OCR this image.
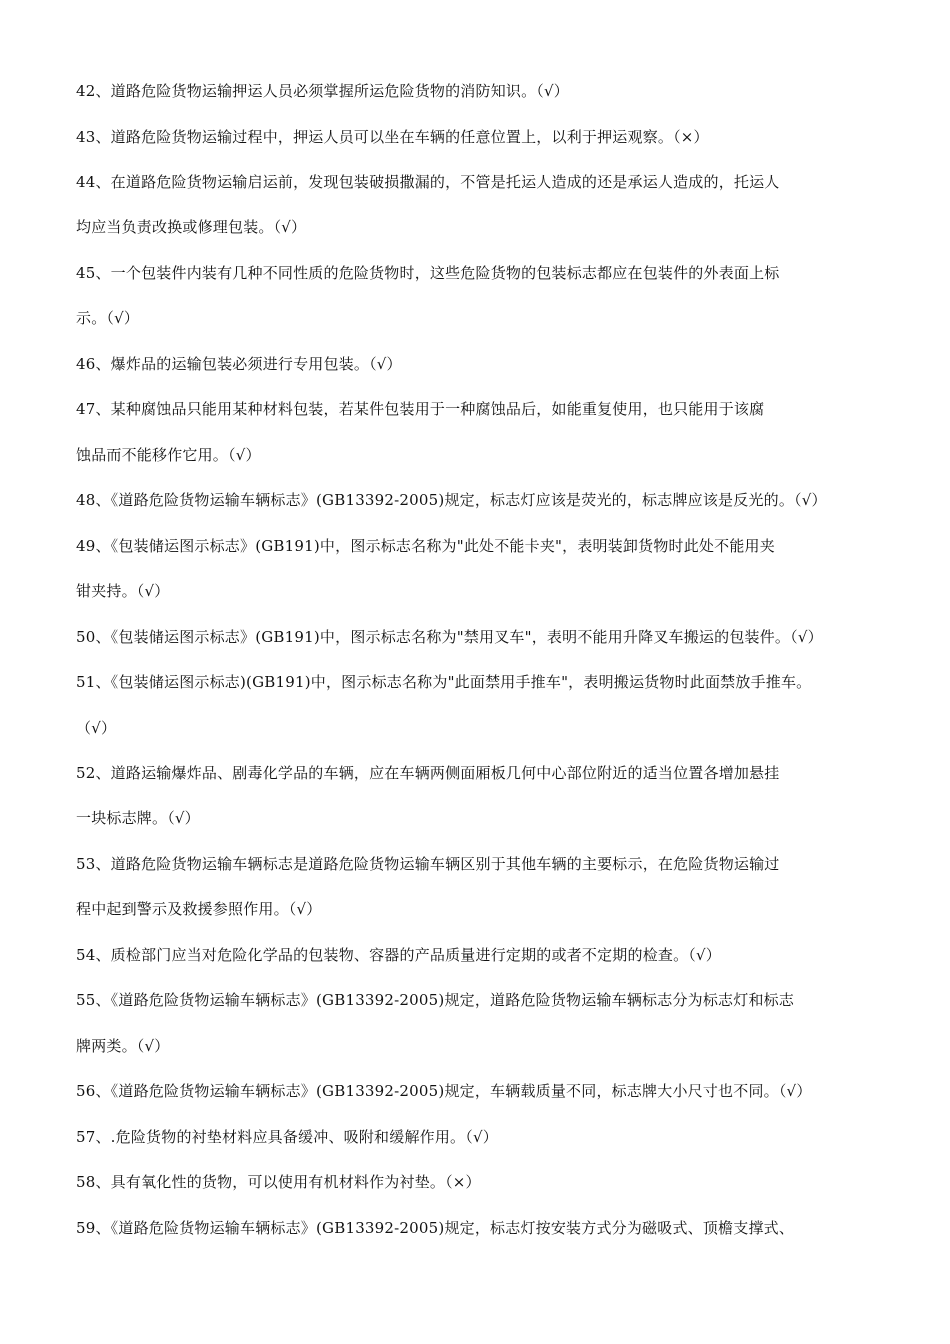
42、道路危险货物运输押运人员必须掌握所运危险货物的消防知识。（√）
43、道路危险货物运输过程中，押运人员可以坐在车辆的任意位置上，以利于押运观察。（×）
44、在道路危险货物运输启运前，发现包装破损撒漏的，不管是托运人造成的还是承运人造成的，托运人
均应当负责改换或修理包装。（√）
45、一个包装件内装有几种不同性质的危险货物时，这些危险货物的包装标志都应在包装件的外表面上标
示。（√）
46、爆炸品的运输包装必须进行专用包装。（√）
47、某种腐蚀品只能用某种材料包装，若某件包装用于一种腐蚀品后，如能重复使用，也只能用于该腐
蚀品而不能移作它用。（√）
48、《道路危险货物运输车辆标志》(GB13392-2005)规定，标志灯应该是荧光的，标志牌应该是反光的。（√）
49、《包装储运图示标志》(GB191)中，图示标志名称为"此处不能卡夹"，表明装卸货物时此处不能用夹
钳夹持。（√）
50、《包装储运图示标志》(GB191)中，图示标志名称为"禁用叉车"，表明不能用升降叉车搬运的包装件。（√）
51、《包装储运图示标志)(GB191)中，图示标志名称为"此面禁用手推车"，表明搬运货物时此面禁放手推车。
（√）
52、道路运输爆炸品、剧毒化学品的车辆，应在车辆两侧面厢板几何中心部位附近的适当位置各增加悬挂
一块标志牌。（√）
53、道路危险货物运输车辆标志是道路危险货物运输车辆区别于其他车辆的主要标示，在危险货物运输过
程中起到警示及救援参照作用。（√）
54、质检部门应当对危险化学品的包装物、容器的产品质量进行定期的或者不定期的检查。（√）
55、《道路危险货物运输车辆标志》(GB13392-2005)规定，道路危险货物运输车辆标志分为标志灯和标志
牌两类。（√）
56、《道路危险货物运输车辆标志》(GB13392-2005)规定，车辆载质量不同，标志牌大小尺寸也不同。（√）
57、.危险货物的衬垫材料应具备缓冲、吸附和缓解作用。（√）
58、具有氧化性的货物，可以使用有机材料作为衬垫。（×）
59、《道路危险货物运输车辆标志》(GB13392-2005)规定，标志灯按安装方式分为磁吸式、顶檐支撑式、
